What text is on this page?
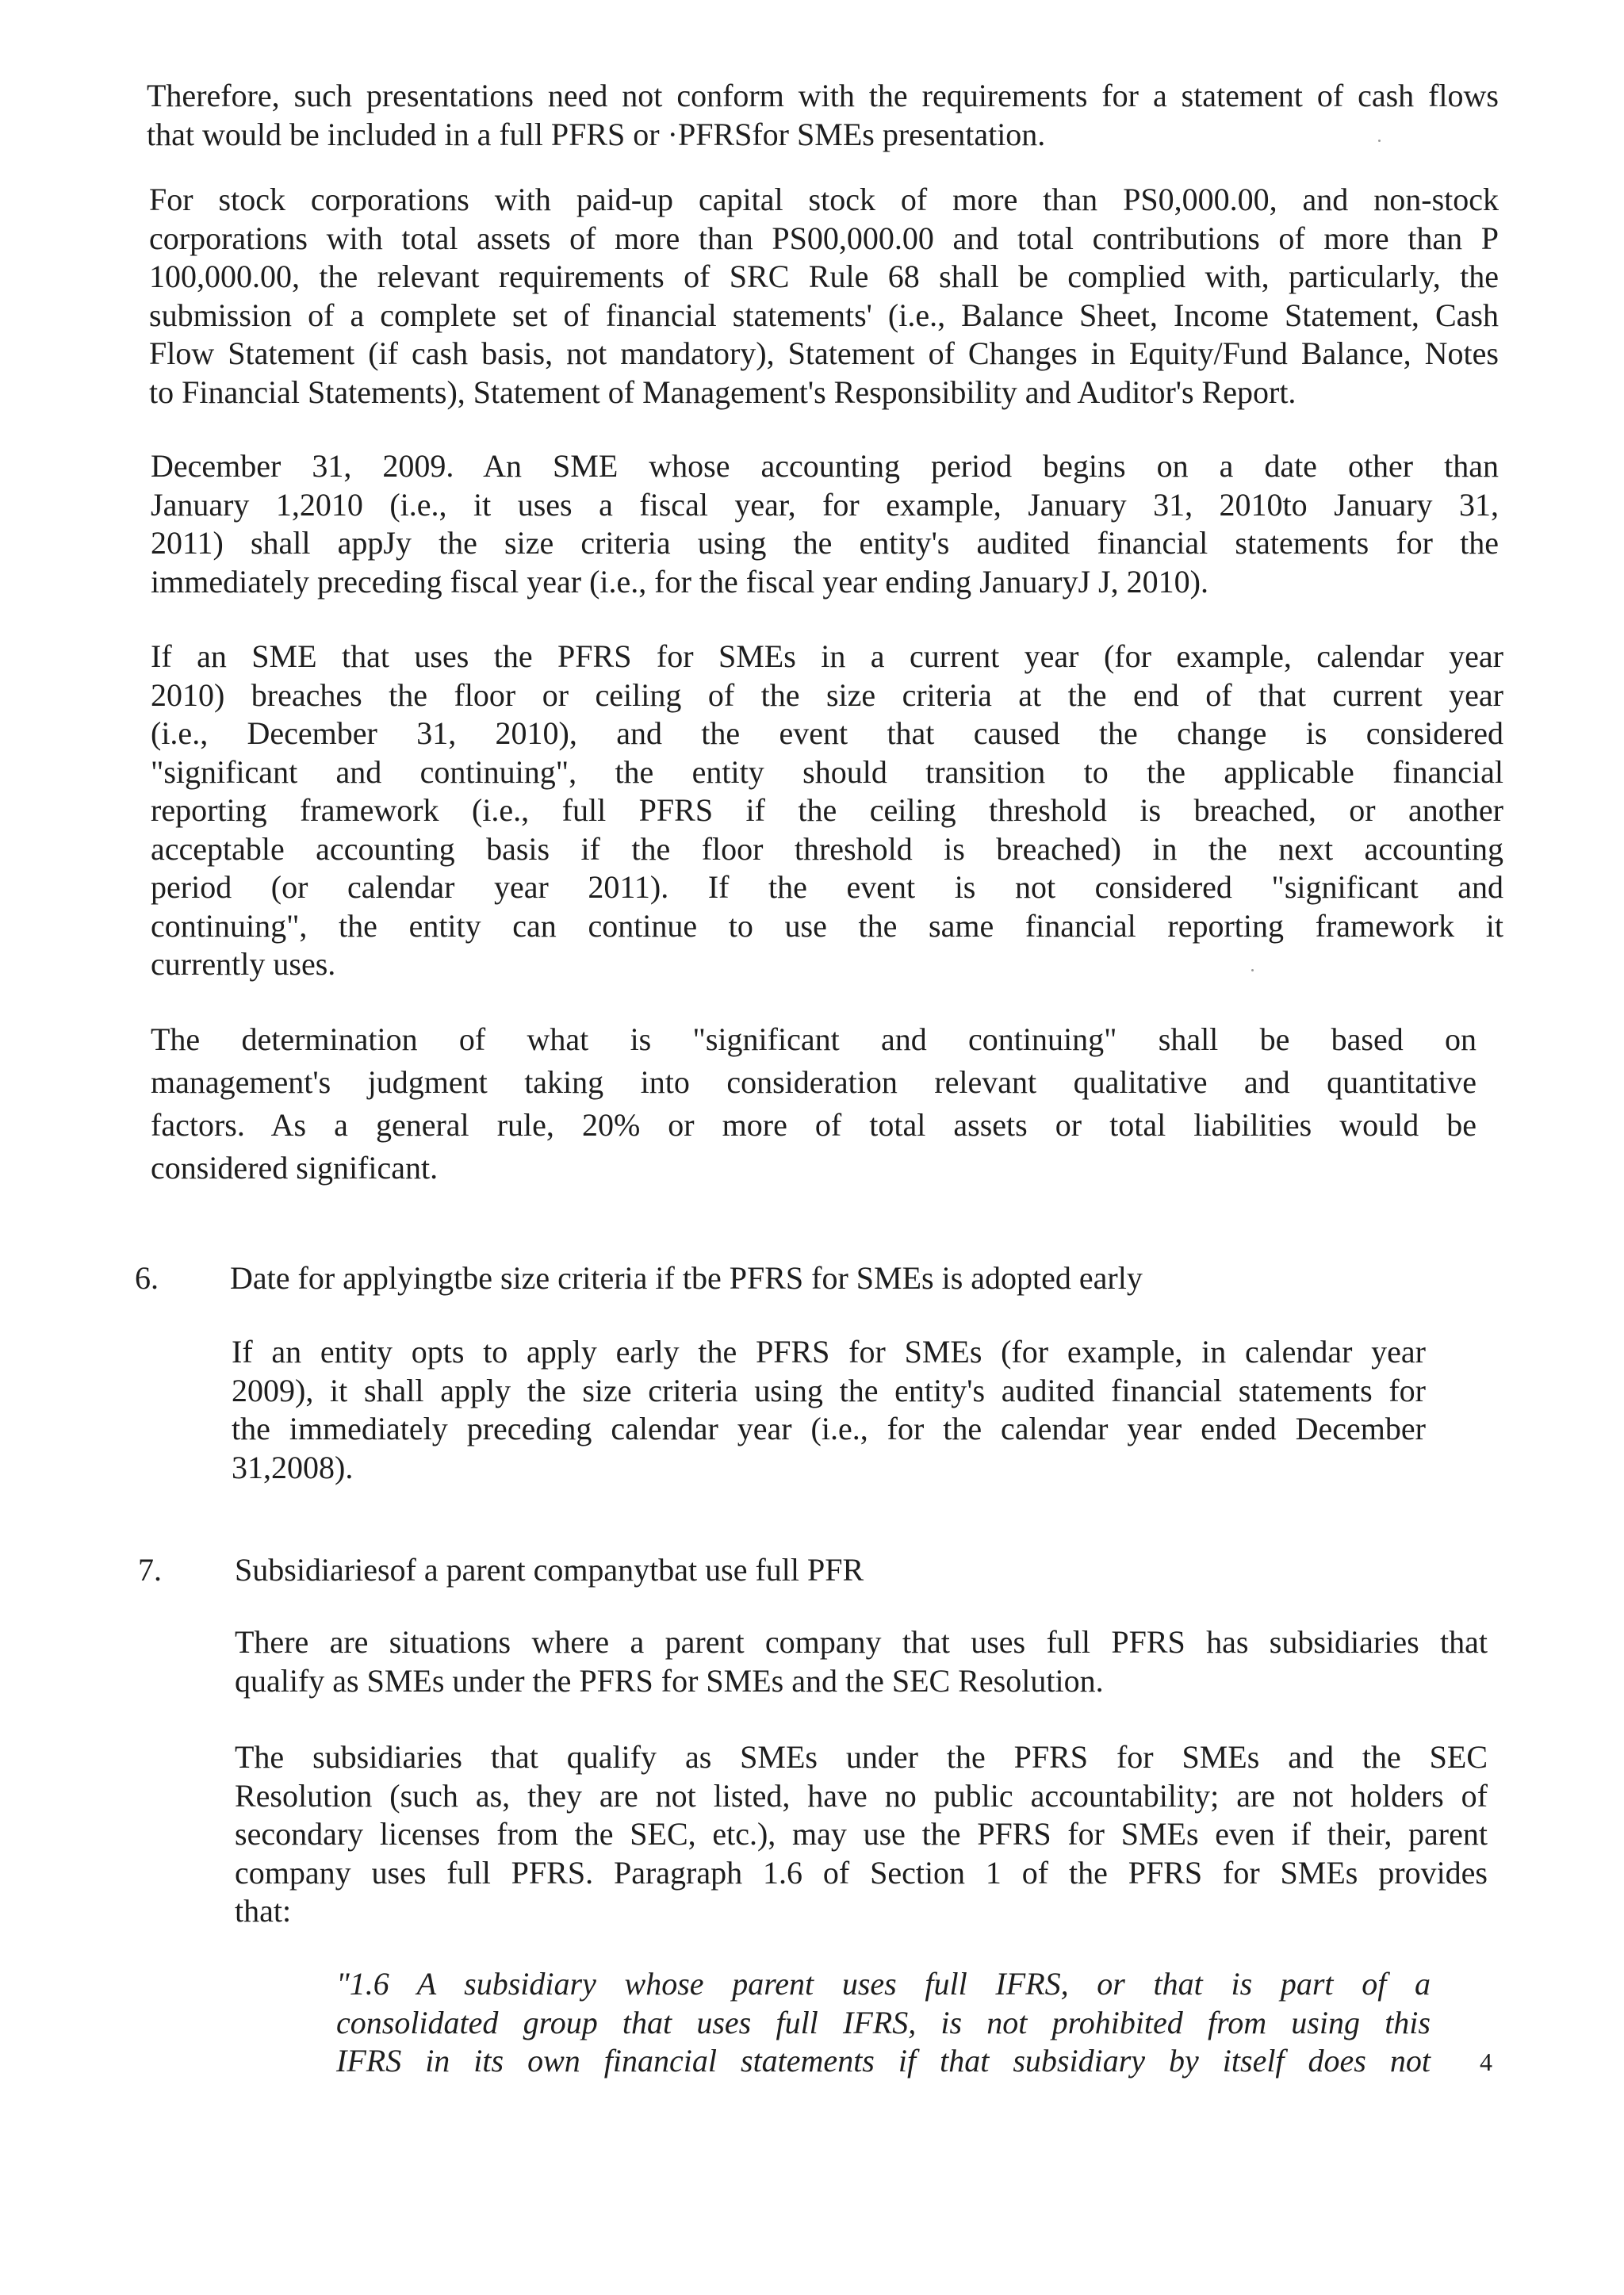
Therefore, such presentations need not conform with the requirements for a statement of cash flows
that would be included in a full PFRS or ·PFRSfor SMEs presentation.
For stock corporations with paid-up capital stock of more than PS0,000.00, and non-stock
corporations with total assets of more than PS00,000.00 and total contributions of more than P
100,000.00, the relevant requirements of SRC Rule 68 shall be complied with, particularly, the
submission of a complete set of financial statements' (i.e., Balance Sheet, Income Statement, Cash
Flow Statement (if cash basis, not mandatory), Statement of Changes in Equity/Fund Balance, Notes
to Financial Statements), Statement of Management's Responsibility and Auditor's Report.
December 31, 2009. An SME whose accounting period begins on a date other than
January 1,2010 (i.e., it uses a fiscal year, for example, January 31, 2010to January 31,
2011) shall appJy the size criteria using the entity's audited financial statements for the
immediately preceding fiscal year (i.e., for the fiscal year ending JanuaryJ J, 2010).
If an SME that uses the PFRS for SMEs in a current year (for example, calendar year
2010) breaches the floor or ceiling of the size criteria at the end of that current year
(i.e., December 31, 2010), and the event that caused the change is considered
"significant and continuing", the entity should transition to the applicable financial
reporting framework (i.e., full PFRS if the ceiling threshold is breached, or another
acceptable accounting basis if the floor threshold is breached) in the next accounting
period (or calendar year 2011). If the event is not considered "significant and
continuing", the entity can continue to use the same financial reporting framework it
currently uses.
The determination of what is "significant and continuing" shall be based on
management's judgment taking into consideration relevant qualitative and quantitative
factors. As a general rule, 20% or more of total assets or total liabilities would be
considered significant.
6. Date for applyingtbe size criteria if tbe PFRS for SMEs is adopted early
If an entity opts to apply early the PFRS for SMEs (for example, in calendar year
2009), it shall apply the size criteria using the entity's audited financial statements for
the immediately preceding calendar year (i.e., for the calendar year ended December
31,2008).
7. Subsidiariesof a parent companytbat use full PFR
There are situations where a parent company that uses full PFRS has subsidiaries that
qualify as SMEs under the PFRS for SMEs and the SEC Resolution.
The subsidiaries that qualify as SMEs under the PFRS for SMEs and the SEC
Resolution (such as, they are not listed, have no public accountability; are not holders of
secondary licenses from the SEC, etc.), may use the PFRS for SMEs even if their, parent
company uses full PFRS. Paragraph 1.6 of Section 1 of the PFRS for SMEs provides
that:
"1.6 A subsidiary whose parent uses full IFRS, or that is part of a
consolidated group that uses full IFRS, is not prohibited from using this
IFRS in its own financial statements if that subsidiary by itself does not 4
